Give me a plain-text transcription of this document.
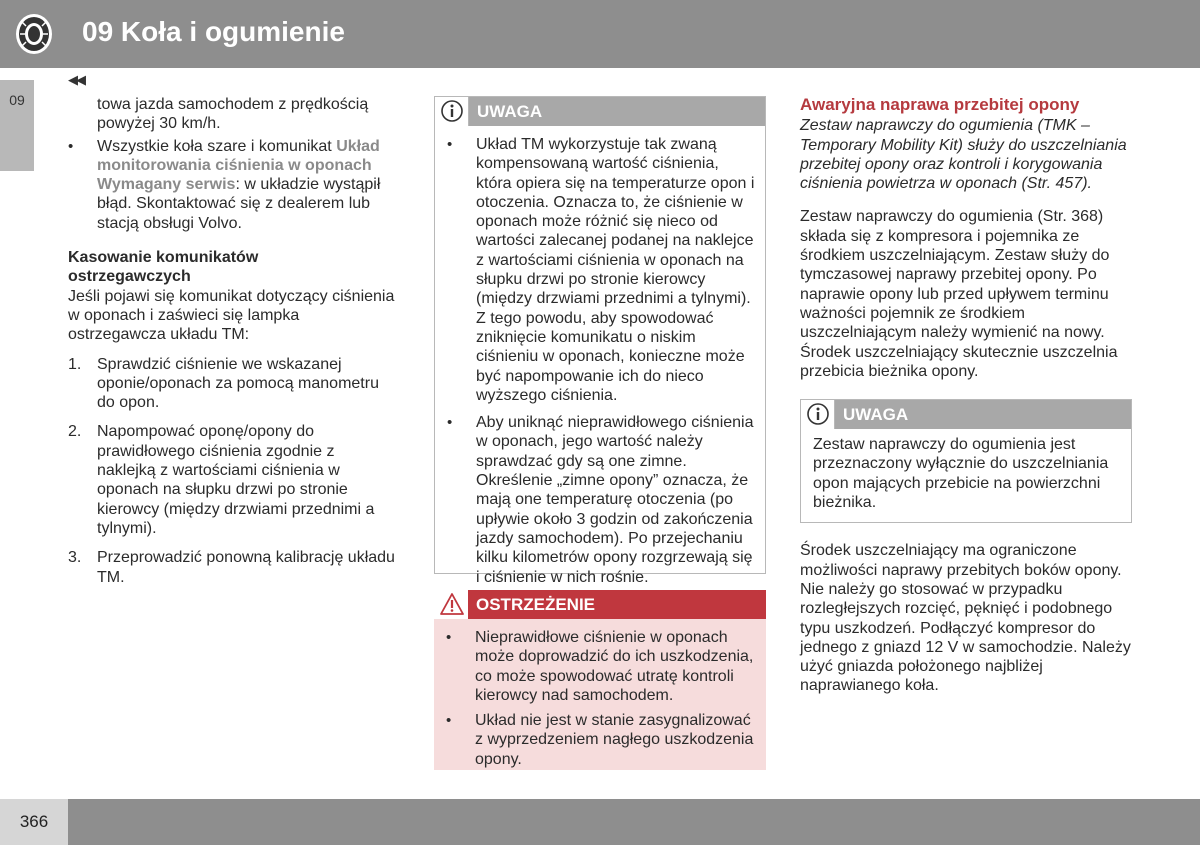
09 Koła i ogumienie
09
◀◀

towa jazda samochodem z prędkością powyżej 30 km/h.

• Wszystkie koła szare i komunikat Układ monitorowania ciśnienia w oponach Wymagany serwis: w układzie wystąpił błąd. Skontaktować się z dealerem lub stacją obsługi Volvo.

Kasowanie komunikatów ostrzegawczych

Jeśli pojawi się komunikat dotyczący ciśnienia w oponach i zaświeci się lampka ostrzegawcza układu TM:

1. Sprawdzić ciśnienie we wskazanej oponie/oponach za pomocą manometru do opon.
2. Napompować oponę/opony do prawidłowego ciśnienia zgodnie z naklejką z wartościami ciśnienia w oponach na słupku drzwi po stronie kierowcy (między drzwiami przednimi a tylnymi).
3. Przeprowadzić ponowną kalibrację układu TM.
UWAGA
• Układ TM wykorzystuje tak zwaną kompensowaną wartość ciśnienia, która opiera się na temperaturze opon i otoczenia. Oznacza to, że ciśnienie w oponach może różnić się nieco od wartości zalecanej podanej na naklejce z wartościami ciśnienia w oponach na słupku drzwi po stronie kierowcy (między drzwiami przednimi a tylnymi). Z tego powodu, aby spowodować zniknięcie komunikatu o niskim ciśnieniu w oponach, konieczne może być napompowanie ich do nieco wyższego ciśnienia.
• Aby uniknąć nieprawidłowego ciśnienia w oponach, jego wartość należy sprawdzać gdy są one zimne. Określenie „zimne opony” oznacza, że mają one temperaturę otoczenia (po upływie około 3 godzin od zakończenia jazdy samochodem). Po przejechaniu kilku kilometrów opony rozgrzewają się i ciśnienie w nich rośnie.
OSTRZEŻENIE
• Nieprawidłowe ciśnienie w oponach może doprowadzić do ich uszkodzenia, co może spowodować utratę kontroli kierowcy nad samochodem.
• Układ nie jest w stanie zasygnalizować z wyprzedzeniem nagłego uszkodzenia opony.

Awaryjna naprawa przebitej opony

Zestaw naprawczy do ogumienia (TMK – Temporary Mobility Kit) służy do uszczelniania przebitej opony oraz kontroli i korygowania ciśnienia powietrza w oponach (Str. 457).

Zestaw naprawczy do ogumienia (Str. 368) składa się z kompresora i pojemnika ze środkiem uszczelniającym. Zestaw służy do tymczasowej naprawy przebitej opony. Po naprawie opony lub przed upływem terminu ważności pojemnik ze środkiem uszczelniającym należy wymienić na nowy. Środek uszczelniający skutecznie uszczelnia przebicia bieżnika opony.

UWAGA
Zestaw naprawczy do ogumienia jest przeznaczony wyłącznie do uszczelniania opon mających przebicie na powierzchni bieżnika.

Środek uszczelniający ma ograniczone możliwości naprawy przebitych boków opony. Nie należy go stosować w przypadku rozległejszych rozcięć, pęknięć i podobnego typu uszkodzeń. Podłączyć kompresor do jednego z gniazd 12 V w samochodzie. Należy użyć gniazda położonego najbliżej naprawianego koła.

366
